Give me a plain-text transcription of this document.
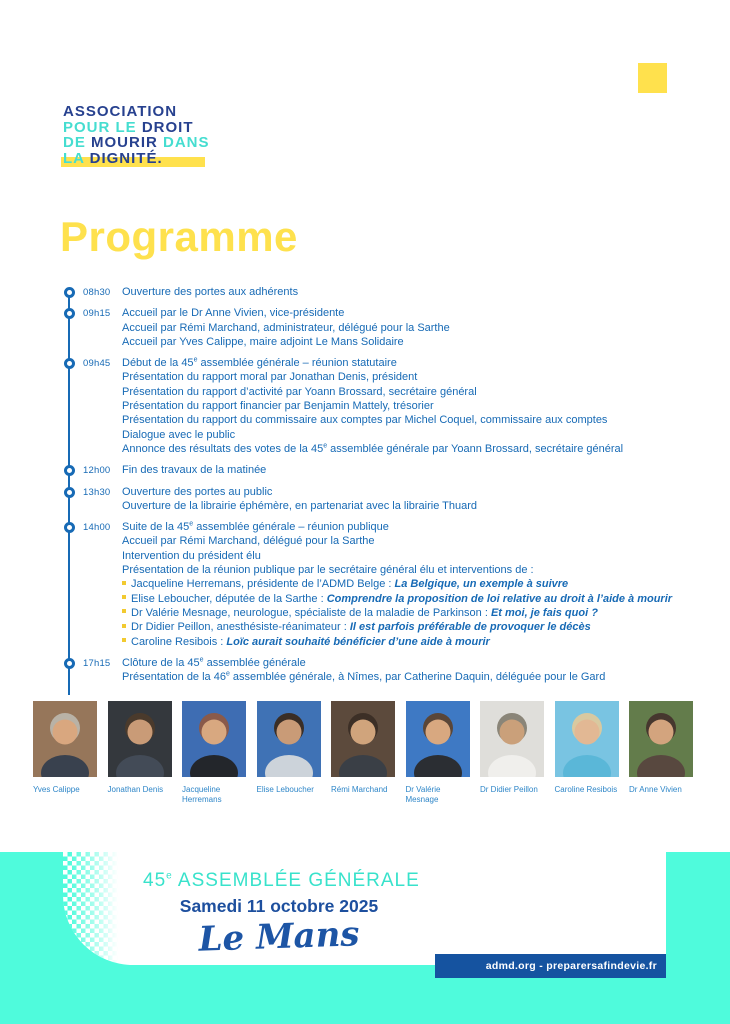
ASSOCIATION
POUR LE DROIT
DE MOURIR DANS
LA DIGNITÉ.
Programme
08h30 Ouverture des portes aux adhérents
09h15 Accueil par le Dr Anne Vivien, vice-présidente
Accueil par Rémi Marchand, administrateur, délégué pour la Sarthe
Accueil par Yves Calippe, maire adjoint Le Mans Solidaire
09h45 Début de la 45e assemblée générale – réunion statutaire
Présentation du rapport moral par Jonathan Denis, président
Présentation du rapport d’activité par Yoann Brossard, secrétaire général
Présentation du rapport financier par Benjamin Mattely, trésorier
Présentation du rapport du commissaire aux comptes par Michel Coquel, commissaire aux comptes
Dialogue avec le public
Annonce des résultats des votes de la 45e assemblée générale par Yoann Brossard, secrétaire général
12h00 Fin des travaux de la matinée
13h30 Ouverture des portes au public
Ouverture de la librairie éphémère, en partenariat avec la librairie Thuard
14h00 Suite de la 45e assemblée générale – réunion publique
Accueil par Rémi Marchand, délégué pour la Sarthe
Intervention du président élu
Présentation de la réunion publique par le secrétaire général élu et interventions de :
Jacqueline Herremans, présidente de l’ADMD Belge : La Belgique, un exemple à suivre
Elise Leboucher, députée de la Sarthe : Comprendre la proposition de loi relative au droit à l’aide à mourir
Dr Valérie Mesnage, neurologue, spécialiste de la maladie de Parkinson : Et moi, je fais quoi ?
Dr Didier Peillon, anesthésiste-réanimateur : Il est parfois préférable de provoquer le décès
Caroline Resibois : Loïc aurait souhaité bénéficier d’une aide à mourir
17h15 Clôture de la 45e assemblée générale
Présentation de la 46e assemblée générale, à Nîmes, par Catherine Daquin, déléguée pour le Gard
Yves Calippe	Jonathan Denis	Jacqueline Herremans
Elise Leboucher	Rémi Marchand	Dr Valérie Mesnage
Dr Didier Peillon	Caroline Resibois Dr Anne Vivien
45e ASSEMBLÉE GÉNÉRALE
Samedi 11 octobre 2025
Le Mans
admd.org - preparersafindevie.fr
